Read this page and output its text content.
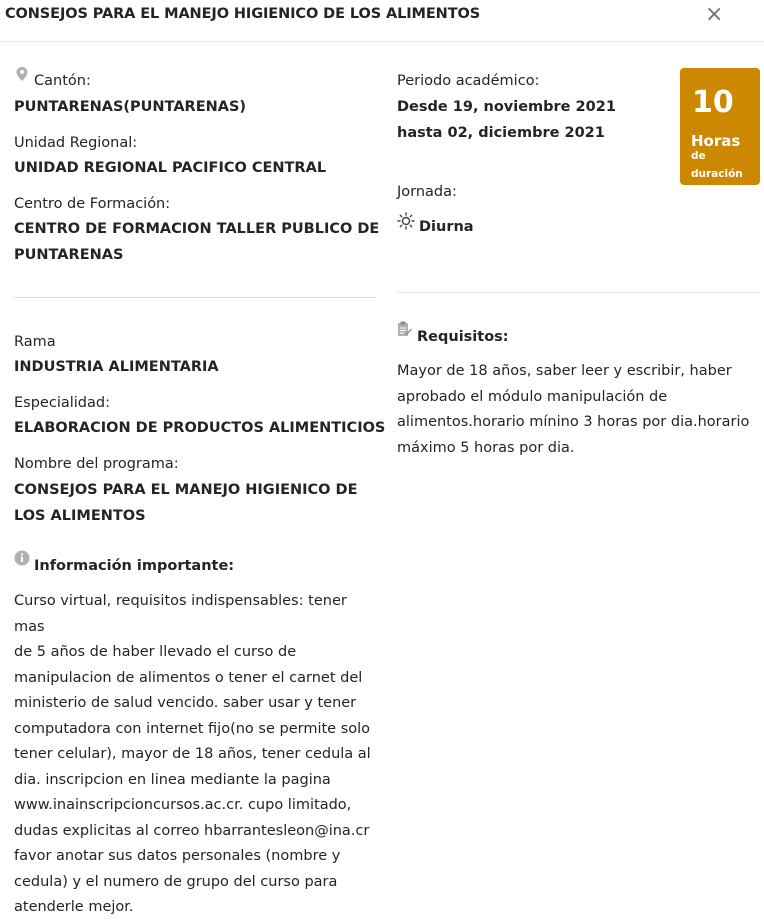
CONSEJOS PARA EL MANEJO HIGIENICO DE LOS ALIMENTOS	×
Cantón:
PUNTARENAS(PUNTARENAS)
Unidad Regional:
UNIDAD REGIONAL PACIFICO CENTRAL
Centro de Formación:
CENTRO DE FORMACION TALLER PUBLICO DE
PUNTARENAS
Rama
INDUSTRIA ALIMENTARIA
Especialidad:
ELABORACION DE PRODUCTOS ALIMENTICIOS
Nombre del programa:
CONSEJOS PARA EL MANEJO HIGIENICO DE
LOS ALIMENTOS
Información importante:
Curso virtual, requisitos indispensables: tener mas
de 5 años de haber llevado el curso de
manipulacion de alimentos o tener el carnet del
ministerio de salud vencido. saber usar y tener
computadora con internet fijo(no se permite solo
tener celular), mayor de 18 años, tener cedula al
dia. inscripcion en linea mediante la pagina
www.inainscripcioncursos.ac.cr. cupo limitado,
dudas explicitas al correo hbarrantesleon@ina.cr
favor anotar sus datos personales (nombre y
cedula) y el numero de grupo del curso para
atenderle mejor.
Periodo académico:
Desde 19, noviembre 2021
hasta 02, diciembre 2021
10
Horas
de
duración
Jornada:
Diurna
Requisitos:
Mayor de 18 años, saber leer y escribir, haber
aprobado el módulo manipulación de
alimentos.horario mínino 3 horas por dia.horario
máximo 5 horas por dia.
